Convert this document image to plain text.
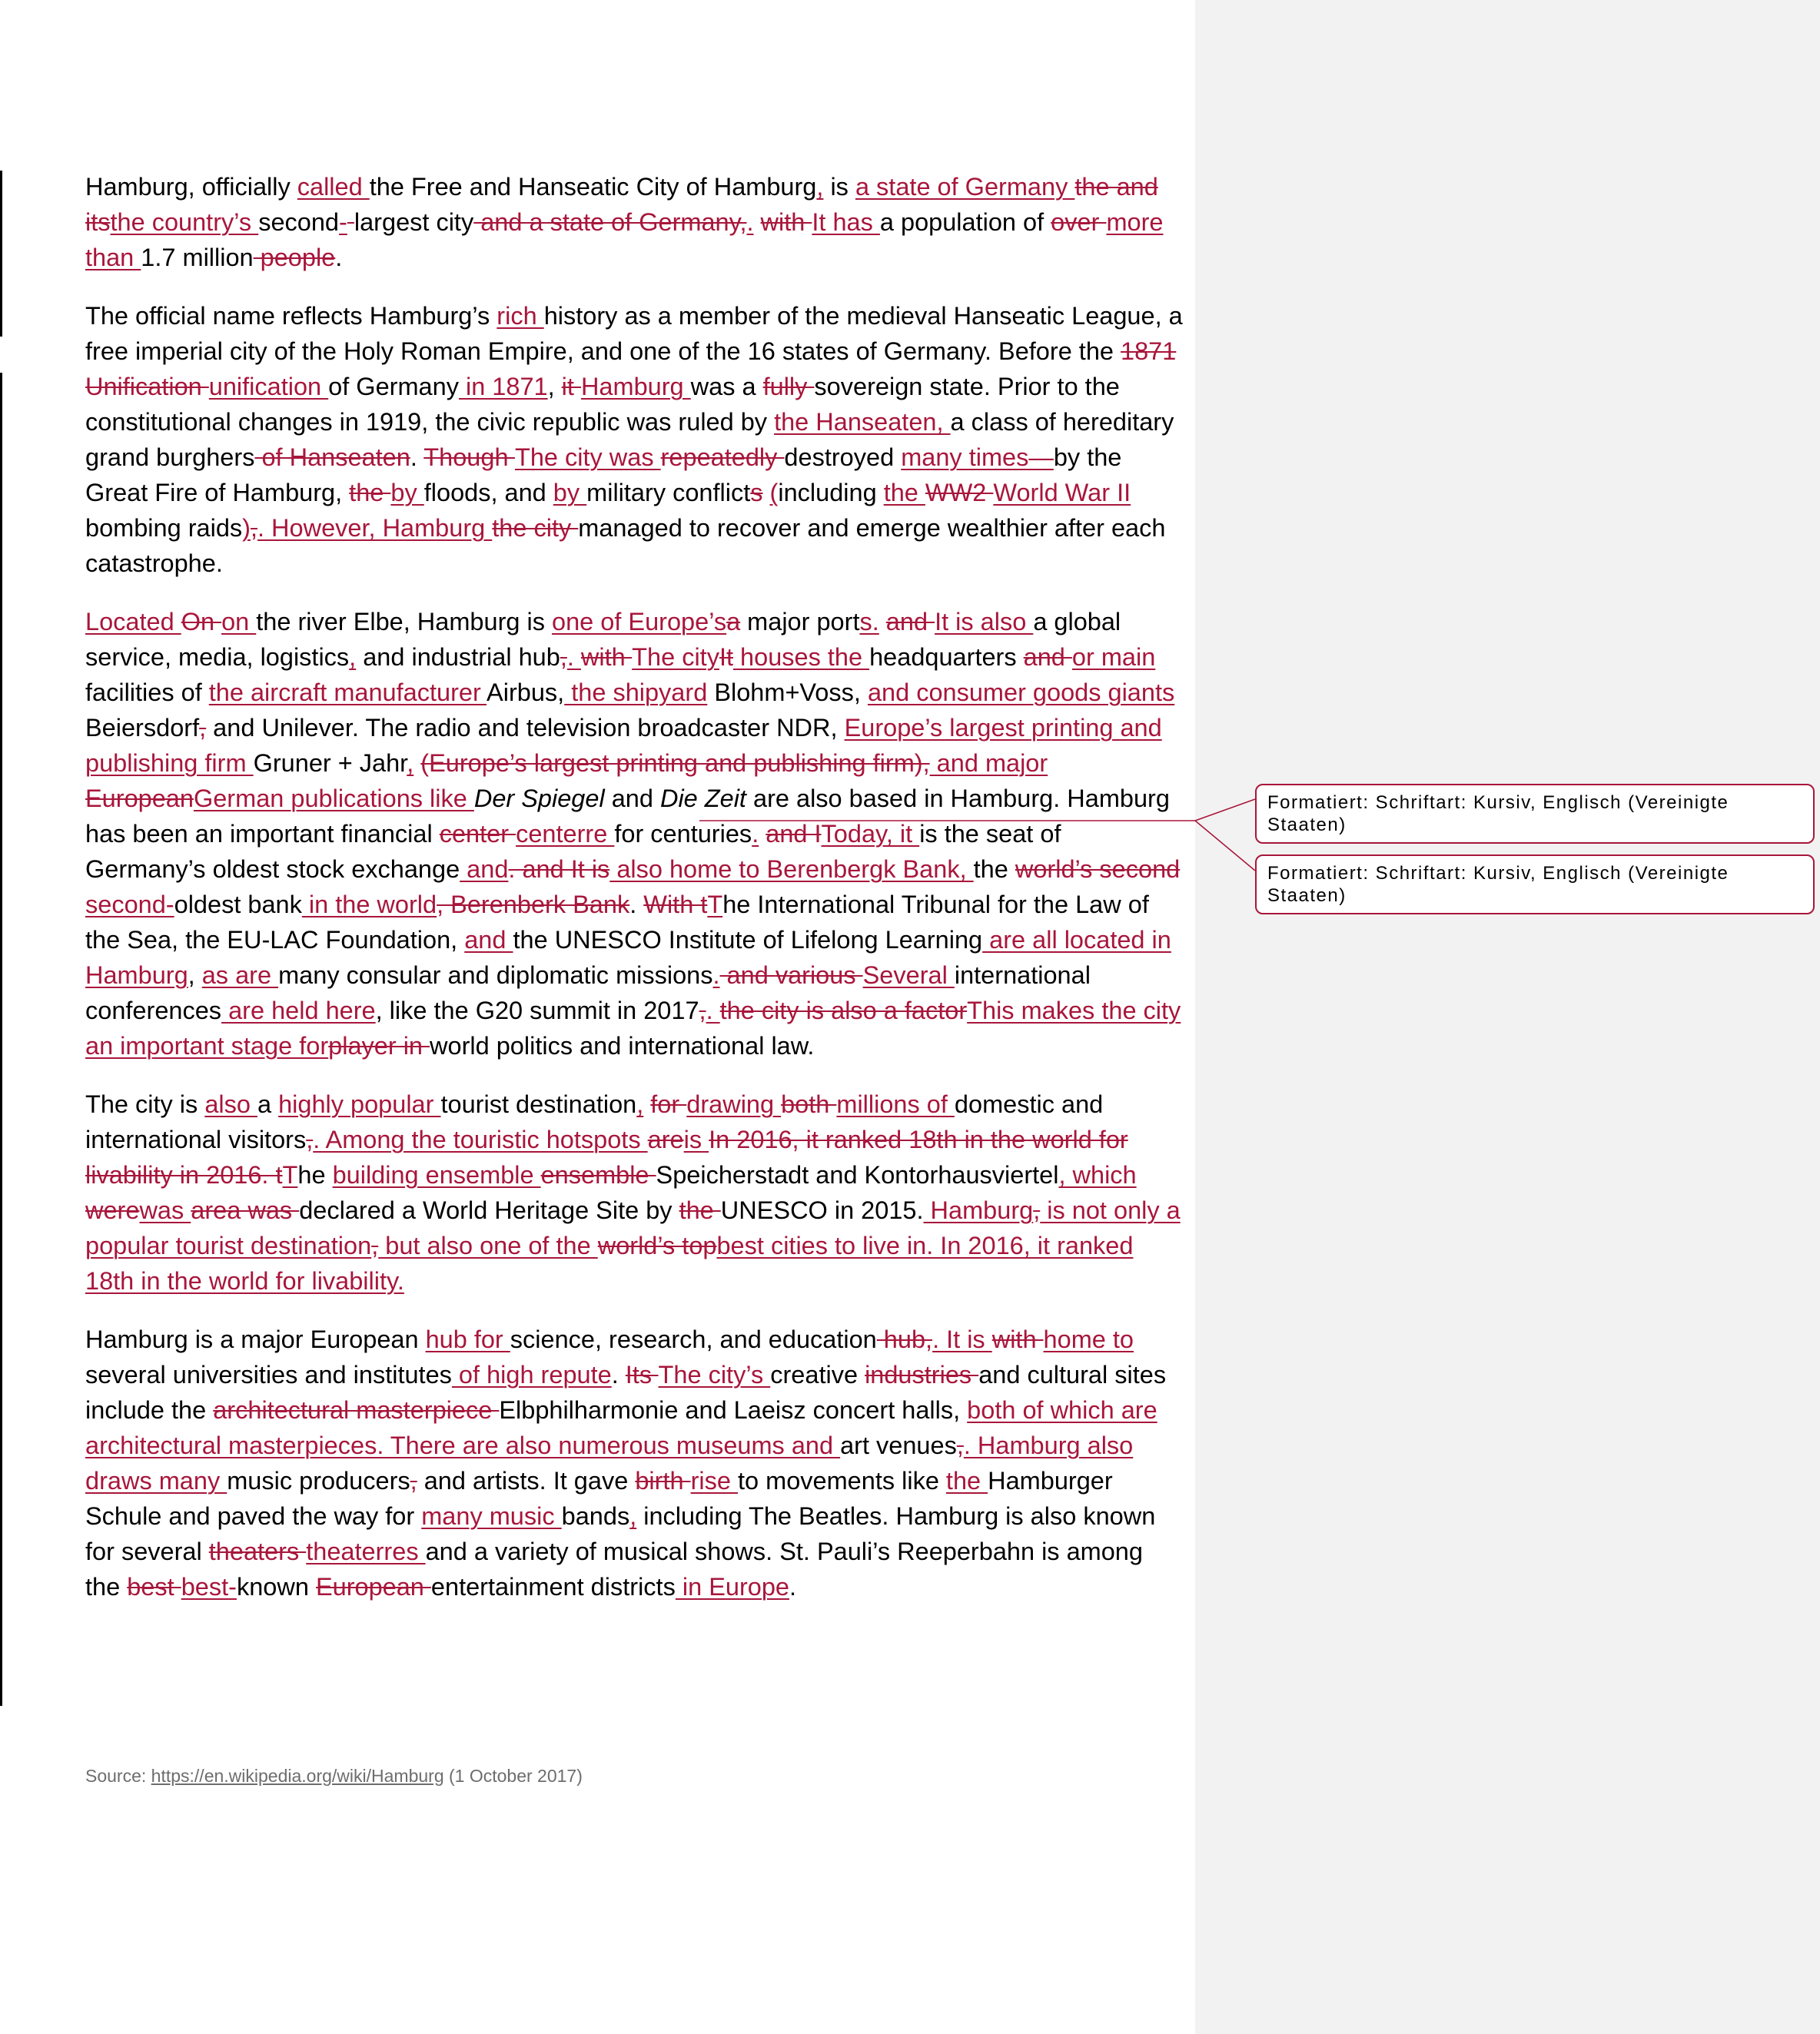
Hamburg, officially called the Free and Hanseatic City of Hamburg, is a state of Germany the and itsthe country’s second- largest city and a state of Germany,. with It has a population of over more than 1.7 million people.

The official name reflects Hamburg’s rich history as a member of the medieval Hanseatic League, a free imperial city of the Holy Roman Empire, and one of the 16 states of Germany. Before the 1871 Unification unification of Germany in 1871, it Hamburg was a fully sovereign state. Prior to the constitutional changes in 1919, the civic republic was ruled by the Hanseaten, a class of hereditary grand burghers of Hanseaten. Though The city was repeatedly destroyed many times—by the Great Fire of Hamburg, the by floods, and by military conflicts (including the WW2 World War II bombing raids),. However, Hamburg the city managed to recover and emerge wealthier after each catastrophe.

Located On on the river Elbe, Hamburg is one of Europe’sa major ports. and It is also a global service, media, logistics, and industrial hub,. with The cityIt houses the headquarters and or main facilities of the aircraft manufacturer Airbus, the shipyard Blohm+Voss, and consumer goods giants Beiersdorf, and Unilever. The radio and television broadcaster NDR, Europe’s largest printing and publishing firm Gruner + Jahr, (Europe’s largest printing and publishing firm), and major EuropeanGerman publications like Der Spiegel and Die Zeit are also based in Hamburg. Hamburg has been an important financial center centerre for centuries. and IToday, it is the seat of Germany’s oldest stock exchange and. and It is also home to Berenbergk Bank, the world’s second second-oldest bank in the world, Berenberk Bank. With tThe International Tribunal for the Law of the Sea, the EU-LAC Foundation, and the UNESCO Institute of Lifelong Learning are all located in Hamburg, as are many consular and diplomatic missions. and various Several international conferences are held here, like the G20 summit in 2017,. the city is also a factorThis makes the city an important stage forplayer in world politics and international law.

The city is also a highly popular tourist destination, for drawing both millions of domestic and international visitors,. Among the touristic hotspots areis In 2016, it ranked 18th in the world for livability in 2016. tThe building ensemble ensemble Speicherstadt and Kontorhausviertel, which werewas area was declared a World Heritage Site by the UNESCO in 2015. Hamburg, is not only a popular tourist destination, but also one of the world’s topbest cities to live in. In 2016, it ranked 18th in the world for livability.

Hamburg is a major European hub for science, research, and education hub,. It is with home to several universities and institutes of high repute. Its The city’s creative industries and cultural sites include the architectural masterpiece Elbphilharmonie and Laeisz concert halls, both of which are architectural masterpieces. There are also numerous museums and art venues,. Hamburg also draws many music producers, and artists. It gave birth rise to movements like the Hamburger Schule and paved the way for many music bands, including The Beatles. Hamburg is also known for several theaters theaterres and a variety of musical shows. St. Pauli’s Reeperbahn is among the best best-known European entertainment districts in Europe.

Source: https://en.wikipedia.org/wiki/Hamburg (1 October 2017)
Formatiert: Schriftart: Kursiv, Englisch (Vereinigte Staaten)
Formatiert: Schriftart: Kursiv, Englisch (Vereinigte Staaten)
